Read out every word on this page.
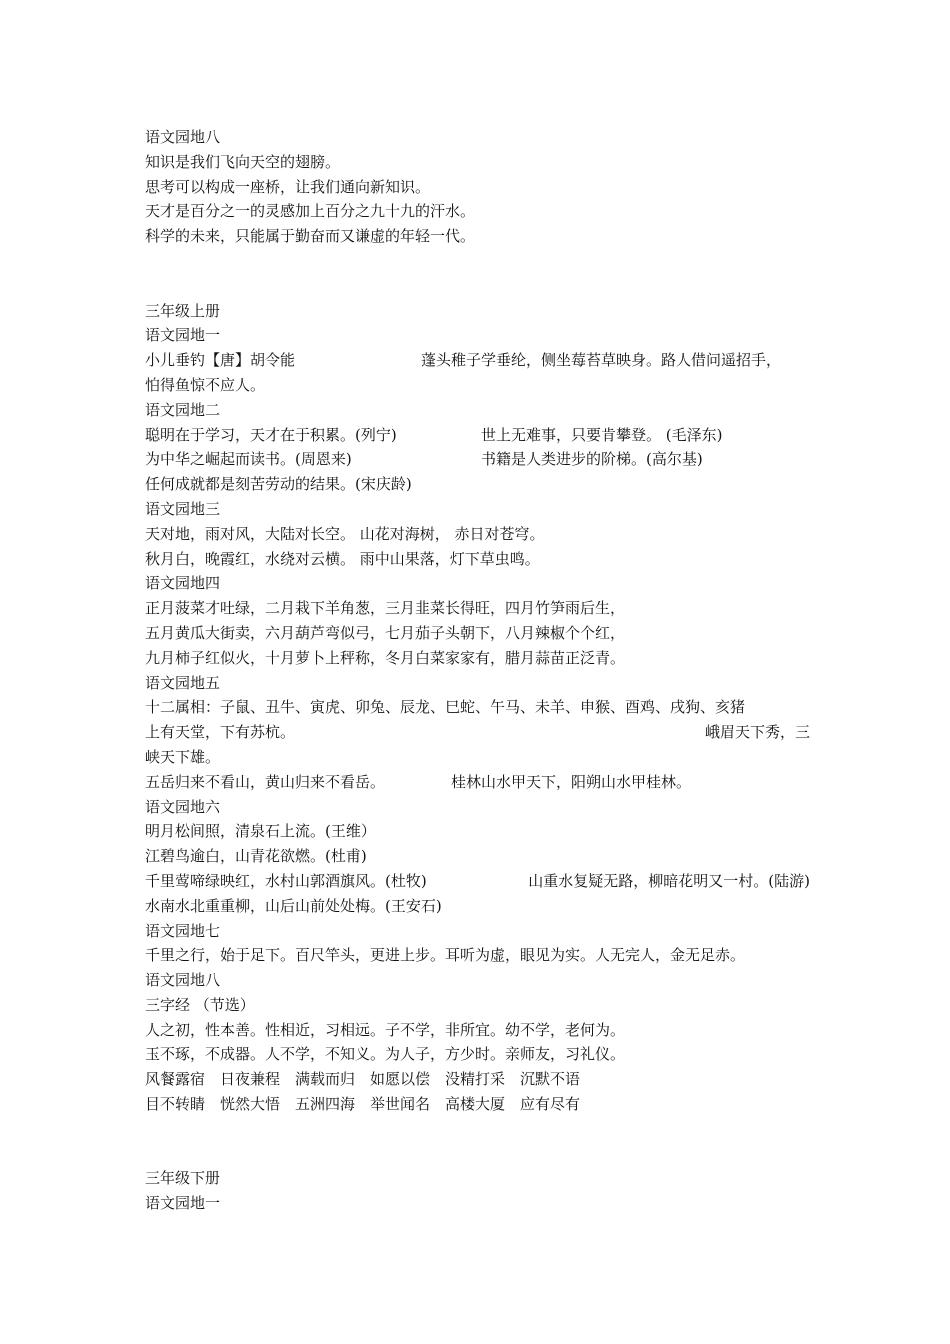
语文园地八
知识是我们飞向天空的翅膀。
思考可以构成一座桥，让我们通向新知识。
天才是百分之一的灵感加上百分之九十九的汗水。
科学的未来，只能属于勤奋而又谦虚的年轻一代。
三年级上册
语文园地一
小儿垂钓【唐】胡令能	蓬头稚子学垂纶，侧坐莓苔草映身。路人借问遥招手，
怕得鱼惊不应人。
语文园地二
聪明在于学习，天才在于积累。(列宁)	世上无难事，只要肯攀登。 (毛泽东)
为中华之崛起而读书。(周恩来)	书籍是人类进步的阶梯。(高尔基)
任何成就都是刻苦劳动的结果。(宋庆龄)
语文园地三
天对地，雨对风，大陆对长空。 山花对海树， 赤日对苍穹。
秋月白，晚霞红，水绕对云横。 雨中山果落，灯下草虫鸣。
语文园地四
正月菠菜才吐绿，二月栽下羊角葱，三月韭菜长得旺，四月竹笋雨后生，
五月黄瓜大街卖，六月葫芦弯似弓，七月茄子头朝下，八月辣椒个个红，
九月柿子红似火，十月萝卜上秤称，冬月白菜家家有，腊月蒜苗正泛青。
语文园地五
十二属相：子鼠、丑牛、寅虎、卯兔、辰龙、巳蛇、午马、未羊、申猴、酉鸡、戌狗、亥猪
上有天堂，下有苏杭。	峨眉天下秀，三
峡天下雄。
五岳归来不看山，黄山归来不看岳。	桂林山水甲天下，阳朔山水甲桂林。
语文园地六
明月松间照，清泉石上流。(王维）
江碧鸟逾白，山青花欲燃。(杜甫)
千里莺啼绿映红，水村山郭酒旗风。(杜牧)	山重水复疑无路，柳暗花明又一村。(陆游)
水南水北重重柳，山后山前处处梅。(王安石)
语文园地七
千里之行，始于足下。百尺竿头，更进上步。耳听为虚，眼见为实。人无完人，金无足赤。
语文园地八
三字经 （节选）
人之初，性本善。性相近，习相远。子不学，非所宜。幼不学，老何为。
玉不琢，不成器。人不学，不知义。为人子，方少时。亲师友，习礼仪。
风餐露宿　日夜兼程　满载而归　如愿以偿　没精打采　沉默不语
目不转睛　恍然大悟　五洲四海　举世闻名　高楼大厦　应有尽有
三年级下册
语文园地一
